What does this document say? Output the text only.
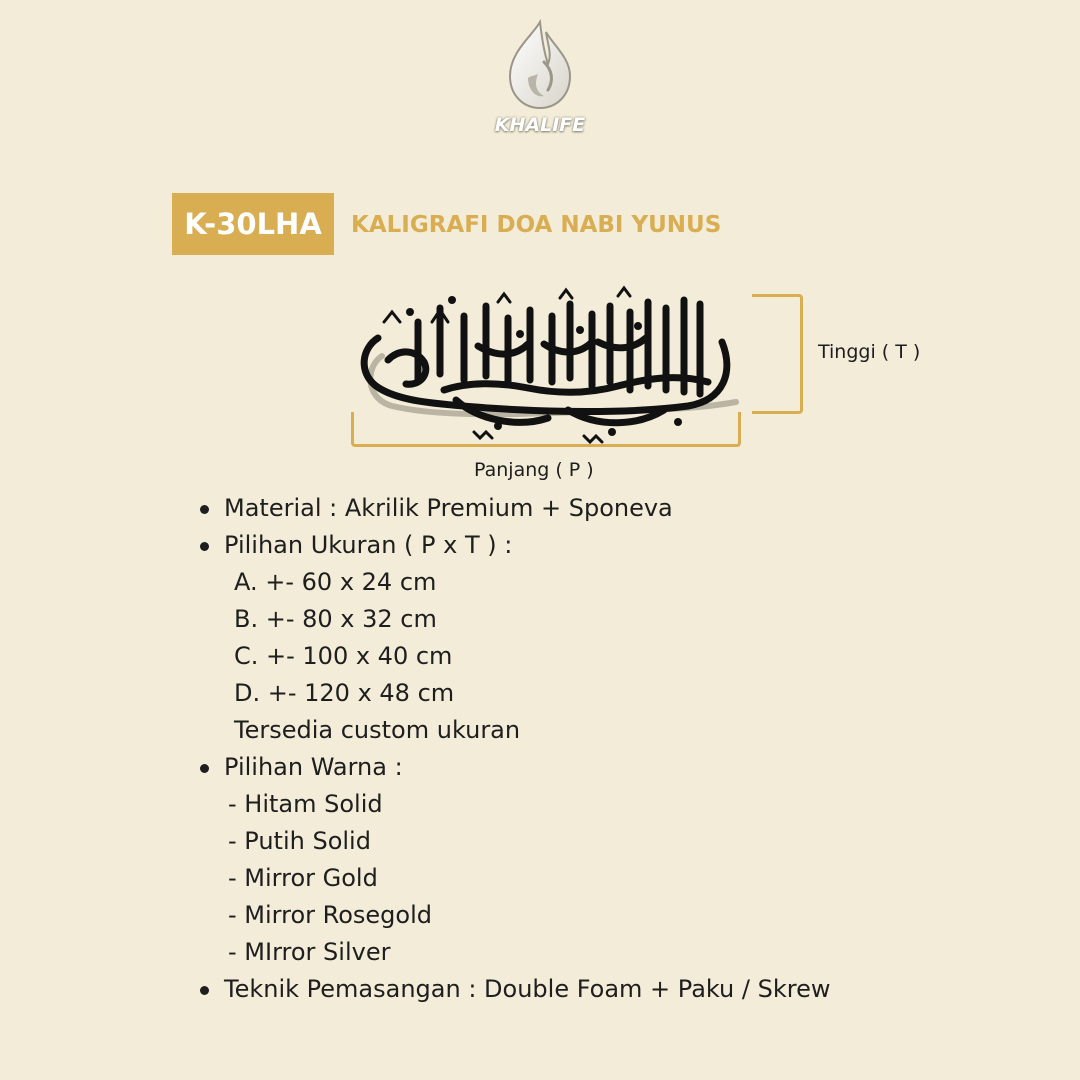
KHALIFE
K-30LHA	KALIGRAFI DOA NABI YUNUS
Tinggi ( T )
Panjang ( P )
Material : Akrilik Premium + Sponeva
Pilihan Ukuran ( P x T ) :
A. +- 60 x 24 cm
B. +- 80 x 32 cm
C. +- 100 x 40 cm
D. +- 120 x 48 cm
Tersedia custom ukuran
Pilihan Warna :
- Hitam Solid
- Putih Solid
- Mirror Gold
- Mirror Rosegold
- MIrror Silver
Teknik Pemasangan : Double Foam + Paku / Skrew
